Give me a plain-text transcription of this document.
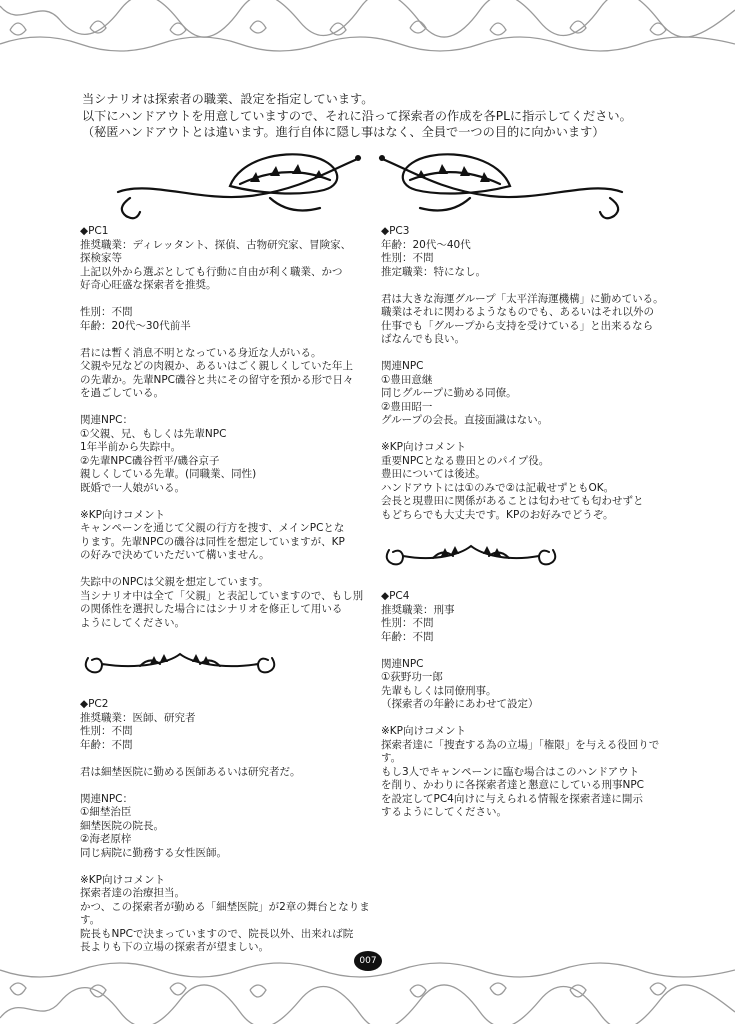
当シナリオは探索者の職業、設定を指定しています。

以下にハンドアウトを用意していますので、それに沿って探索者の作成を各PLに指示してください。

（秘匿ハンドアウトとは違います。進行自体に隠し事はなく、全員で一つの目的に向かいます）

◆PC1

推奨職業：ディレッタント、探偵、古物研究家、冒険家、

探検家等

上記以外から選ぶとしても行動に自由が利く職業、かつ

好奇心旺盛な探索者を推奨。

性別：不問

年齢：20代～30代前半

君には暫く消息不明となっている身近な人がいる。

父親や兄などの肉親か、あるいはごく親しくしていた年上

の先輩か。先輩NPC磯谷と共にその留守を預かる形で日々

を過ごしている。

関連NPC：

①父親、兄、もしくは先輩NPC

1年半前から失踪中。

②先輩NPC磯谷哲平/磯谷京子

親しくしている先輩。(同職業、同性)

既婚で一人娘がいる。

※KP向けコメント

キャンペーンを通じて父親の行方を捜す、メインPCとな

ります。先輩NPCの磯谷は同性を想定していますが、KP

の好みで決めていただいて構いません。

失踪中のNPCは父親を想定しています。

当シナリオ中は全て「父親」と表記していますので、もし別

の関係性を選択した場合にはシナリオを修正して用いる

ようにしてください。

◆PC2

推奨職業：医師、研究者

性別：不問

年齢：不問

君は細埜医院に勤める医師あるいは研究者だ。

関連NPC：

①細埜治臣

細埜医院の院長。

②海老原梓

同じ病院に勤務する女性医師。

※KP向けコメント

探索者達の治療担当。

かつ、この探索者が勤める「細埜医院」が2章の舞台となりま

す。

院長もNPCで決まっていますので、院長以外、出来れば院

長よりも下の立場の探索者が望ましい。

◆PC3

年齢：20代～40代

性別：不問

推定職業：特になし。

君は大きな海運グループ「太平洋海運機構」に勤めている。

職業はそれに関わるようなものでも、あるいはそれ以外の

仕事でも「グループから支持を受けている」と出来るなら

ばなんでも良い。

関連NPC

①豊田意継

同じグループに勤める同僚。

②豊田昭一

グループの会長。直接面識はない。

※KP向けコメント

重要NPCとなる豊田とのパイプ役。

豊田については後述。

ハンドアウトには①のみで②は記載せずともOK。

会長と現豊田に関係があることは匂わせても匂わせずと

もどちらでも大丈夫です。KPのお好みでどうぞ。

◆PC4

推奨職業：刑事

性別：不問

年齢：不問

関連NPC

①荻野功一郎

先輩もしくは同僚刑事。

（探索者の年齢にあわせて設定）

※KP向けコメント

探索者達に「捜査する為の立場」「権限」を与える役回りで

す。

もし3人でキャンペーンに臨む場合はこのハンドアウト

を削り、かわりに各探索者達と懇意にしている刑事NPC

を設定してPC4向けに与えられる情報を探索者達に開示

するようにしてください。

007
